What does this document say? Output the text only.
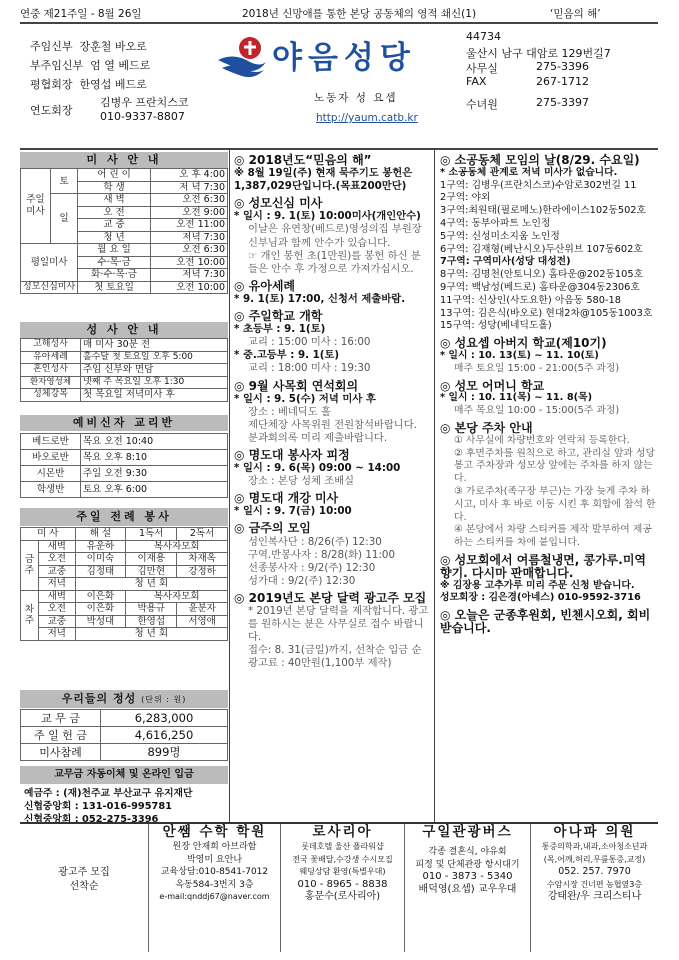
연중 제21주일 - 8월 26일	2018년 신망애를 통한 본당 공동체의 영적 쇄신(1)	‘믿음의 해’
주임신부 장훈철 바오로
부주임신부 엄 열 베드로
평협회장 한영섭 베드로
연도회장
김병우 프란치스코
010-9337-8807
야음성당
노동자 성 요셉
http://yaum.catb.kr
44734
울산시 남구 대암로 129번길7
사무실	275-3396
FAX	267-1712
수녀원	275-3397
미 사 안 내
주일미사	토	어 린 이	오 후 4:00
		학 생	저 녁 7:30
	일	새 벽	오전 6:30
		오 전	오전 9:00
		교 중	오전 11:00
		청 년	저녁 7:30
평일미사		월 요 일	오전 6:30
		수·목·금	오전 10:00
		화·수·목·금	저녁 7:30
성모신심미사		첫 토요일	오전 10:00
성 사 안 내
고해성사	매 미사 30분 전
유아세례	홀수달 첫 토요일 오후 5:00
혼인성사	주임 신부와 면담
환자영성체	넷째 주 목요일 오후 1:30
성체강복	첫 목요일 저녁미사 후
예비신자 교리반
베드로반	목요 오전 10:40
바오로반	목요 오후 8:10
시몬반	주일 오전 9:30
학생반	토요 오후 6:00
주일 전례 봉사
미 사		해 설	1독서	2독서
금주	새벽	유운하	복사자모회	
	오전	이미숙	이재용	차재옥
	교중	김정태	김만현	강정하
	저녁	청 년 회		
차주	새벽	이은화	복사자모회	
	오전	이은화	박용규	윤분자
	교중	박성대	한영섭	서영애
	저녁	청 년 회		
우리들의 정성 (단위 : 원)
교 무 금	6,283,000
주 일 헌 금	4,616,250
미사참례	899명
교무금 자동이체 및 온라인 입금
예금주 : (재)천주교 부산교구 유지재단
신협중앙회 : 131-016-995781
신협중앙회 : 052-275-3396
◎ 2018년도“믿음의 해”
※ 8월 19일(주) 현재 묵주기도 봉헌은1,387,029단입니다.(목표200만단)
◎ 성모신심 미사
* 일시 : 9. 1(토) 10:00미사(개인안수)
이날은 유연창(베드로)영성의집 부원장 신부님과 함께 안수가 있습니다.
☞ 개인 봉헌 초(1만원)를 봉헌 하신 분들은 안수 후 가정으로 가져가십시오.
◎ 유아세례
* 9. 1(토) 17:00, 신청서 제출바람.
◎ 주일학교 개학
* 초등부 : 9. 1(토)
교리 : 15:00 미사 : 16:00
* 중.고등부 : 9. 1(토)
교리 : 18:00 미사 : 19:30
◎ 9월 사목회 연석회의
* 일시 : 9. 5(수) 저녁 미사 후
장소 : 베네딕도 홀
제단체장 사목위원 전원참석바랍니다. 분과회의록 미리 제출바랍니다.
◎ 명도대 봉사자 피정
* 일시 : 9. 6(목) 09:00 ~ 14:00
장소 : 본당 성체 조배실
◎ 명도대 개강 미사
* 일시 : 9. 7(금) 10:00
◎ 금주의 모임
성인복사단 : 8/26(주) 12:30
구역.반봉사자 : 8/28(화) 11:00
선종봉사자 : 9/2(주) 12:30
성가대 : 9/2(주) 12:30
◎ 2019년도 본당 달력 광고주 모집
* 2019년 본당 달력을 제작합니다. 광고를 원하시는 분은 사무실로 접수 바랍니다.
접수: 8. 31(금일)까지, 선착순 입금 순
광고료 : 40만원(1,100부 제작)
◎ 소공동체 모임의 날(8/29. 수요일)
* 소공동체 관계로 저녁 미사가 없습니다.
1구역: 김병우(프란치스코)수암로302번길 11
2구역: 야외
3구역:최원태(필로메노)한라에이스102동502호
4구역: 동부아파트 노인정
5구역: 신성미소지움 노인정
6구역: 김재형(베난시오)두산위브 107동602호
7구역: 구역미사(성당 대성전)
8구역: 김명천(안토니오) 홈타운@202동105호
9구역: 백남성(베드로) 홈타운@304동2306호
11구역: 신상인(사도요한) 아음동 580-18
13구역: 김은식(바오로) 현대2차@105동1003호
15구역: 성당(베네딕도홀)
◎ 성요셉 아버지 학교(제10기)
* 일시 : 10. 13(토) ~ 11. 10(토)
매주 토요일 15:00 - 21:00(5주 과정)
◎ 성모 어머니 학교
* 일시 : 10. 11(목) ~ 11. 8(목)
매주 목요일 10:00 - 15:00(5주 과정)
◎ 본당 주차 안내
① 사무실에 차량번호와 연락처 등록한다.
② 후면주차를 원칙으로 하고, 관리실 앞과 성당 봉고 주차장과 성모상 앞에는 주차를 하지 않는다.
③ 가로주차(족구장 부근)는 가장 늦게 주차 하시고, 미사 후 바로 이동 시킨 후 회합에 참석 한다.
④ 본당에서 차량 스티커를 제작 발부하여 제공하는 스티커를 차에 붙입니다.
◎ 성모회에서 여름철냉면, 콩가루.미역 향기. 다시마 판매합니다.
※ 김장용 고추가루 미리 주문 신청 받습니다.
성모회장 : 김은경(아네스) 010-9592-3716
◎ 오늘은 군종후원회, 빈첸시오회, 회비 받습니다.
광고주 모집
선착순
안쌤 수학 학원
원장 안재희 아브라함
박영미 요안나
교육상담:010-8541-7012
옥동584-3번지 3층
e-mail:qnddj67@naver.com
로사리아
롯데호텔 울산 플라워샵
전국 꽃배달,수강생 수시모집
웨딩상담 환영(특별우대)
010 - 8965 - 8838
홍문수(로사리아)
구일관광버스
각종 결혼식, 야유회
피정 및 단체관광 항시대기
010 - 3873 - 5340
배덕영(요셉) 교우우대
아나파 의원
통증의학과,내과,소아청소년과
(목,어깨,허리,무릎통증,교정)
052. 257. 7970
수암시장 건너편 농협옆3층
강태완/우 크리스티나
